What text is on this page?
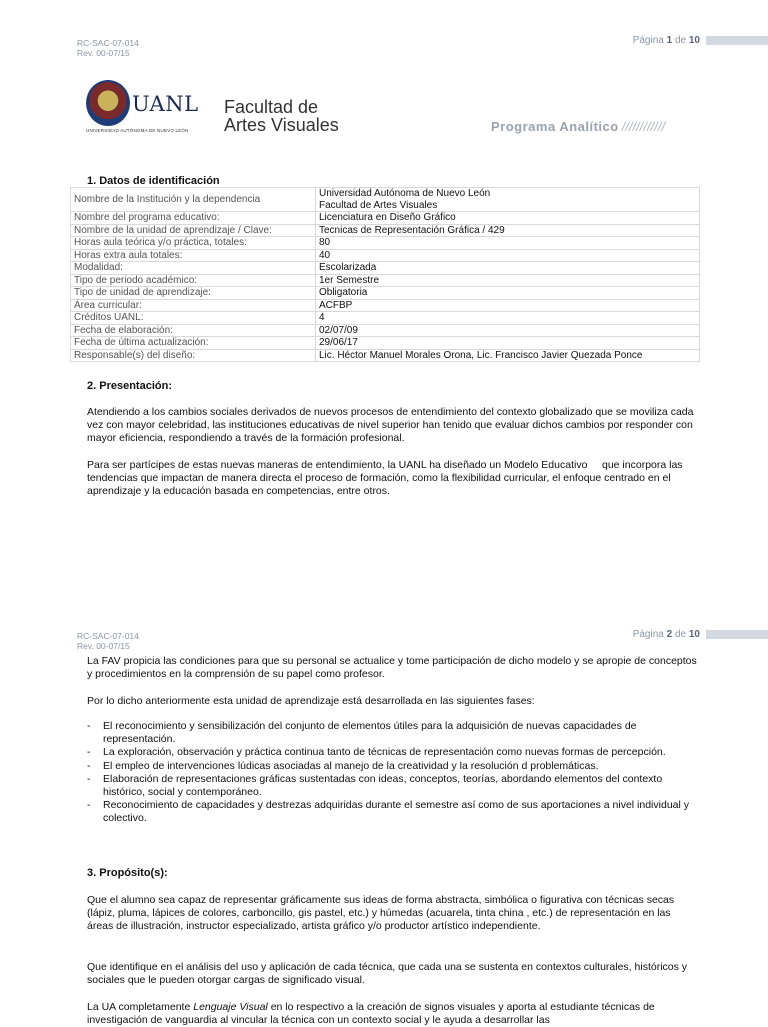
RC-SAC-07-014
Rev. 00-07/15
Página
1
de
10
UANL
UNIVERSIDAD AUTÓNOMA DE NUEVO LEÓN
Facultad de
Artes Visuales	Programa Analítico ////////////
1. Datos de identificación
Nombre de la Institución y la dependencia	Universidad Autónoma de Nuevo León
Facultad de Artes Visuales

Nombre del programa educativo:	Licenciatura en Diseño Gráfico
Nombre de la unidad de aprendizaje / Clave:	Tecnicas de Representación Gráfica / 429
Horas aula teórica y/o práctica, totales:	80
Horas extra aula totales:	40
Modalidad:	Escolarizada
Tipo de periodo académico:	1er Semestre
Tipo de unidad de aprendizaje:	Obligatoria
Área curricular:	ACFBP
Créditos UANL:	4
Fecha de elaboración:	02/07/09
Fecha de última actualización:	29/06/17
Responsable(s) del diseño:	Lic. Héctor Manuel Morales Orona, Lic. Francisco Javier Quezada Ponce
2. Presentación:
Atendiendo a los cambios sociales derivados de nuevos procesos de entendimiento del contexto globalizado que se moviliza cada vez con mayor celebridad, las instituciones educativas de nivel superior han tenido que evaluar dichos cambios por responder con mayor eficiencia, respondiendo a través de la formación profesional.
Para ser partícipes de estas nuevas maneras de entendimiento, la UANL ha diseñado un Modelo Educativo     que incorpora las tendencias que impactan de manera directa el proceso de formación, como la flexibilidad curricular, el enfoque centrado en el aprendizaje y la educación basada en competencias, entre otros.
RC-SAC-07-014
Rev. 00-07/15
Página
2
de
10
La FAV propicia las condiciones para que su personal se actualice y tome participación de dicho modelo y se apropie de conceptos y procedimientos en la comprensión de su papel como profesor.
Por lo dicho anteriormente esta unidad de aprendizaje está desarrollada en las siguientes fases:
- El reconocimiento y sensibilización del conjunto de elementos útiles para la adquisición de nuevas capacidades de representación.
- La exploración, observación y práctica continua tanto de técnicas de representación como nuevas formas de percepción.
- El empleo de intervenciones lúdicas asociadas al manejo de la creatividad y la resolución d problemáticas.
- Elaboración de representaciones gráficas sustentadas con ideas, conceptos, teorías, abordando elementos del contexto histórico, social y contemporáneo.
- Reconocimiento de capacidades y destrezas adquiridas durante el semestre así como de sus aportaciones a nivel individual y colectivo.
3. Propósito(s):
Que el alumno sea capaz de representar gráficamente sus ideas de forma abstracta, simbólica o figurativa con técnicas secas (lápiz, pluma, lápices de colores, carboncillo, gis pastel, etc.) y húmedas (acuarela, tinta china , etc.) de representación en las áreas de illustración, instructor especializado, artista gráfico y/o productor artístico independiente.
Que identifique en el análisis del uso y aplicación de cada técnica, que cada una se sustenta en contextos culturales, históricos y sociales que le pueden otorgar cargas de significado visual.
La UA completamente Lenguaje Visual en lo respectivo a la creación de signos visuales y aporta al estudiante técnicas de investigación de vanguardia al vincular la técnica con un contexto social y le ayuda a desarrollar las
